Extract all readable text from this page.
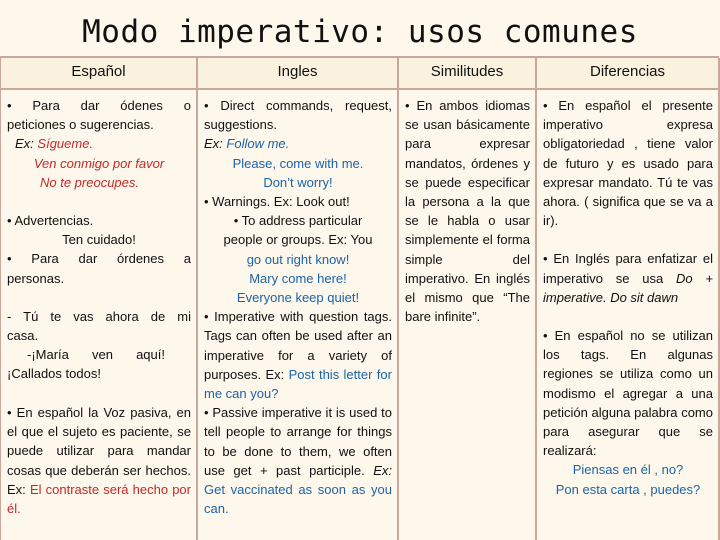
Modo imperativo: usos comunes
Español

• Para dar ódenes o

peticiones o sugerencias.

Ex: Sígueme.

Ven conmigo por favor

No te preocupes.

• Advertencias.

Ten cuidado!

• Para dar órdenes a

personas.

- Tú te vas ahora de mi

casa.

-¡María ven aquí!

¡Callados todos!

• En español la Voz pasiva, en el que el sujeto es paciente, se puede utilizar para mandar cosas que deberán ser hechos. Ex: El contraste será hecho por él.

Ingles

• Direct commands, request, suggestions.

Ex: Follow me.

Please, come with me.

Don’t worry!

• Warnings. Ex: Look out!

• To address particular

people or groups. Ex: You

go out right know!

Mary come here!

Everyone keep quiet!

• Imperative with question tags. Tags can often be used after an imperative for a variety of purposes. Ex: Post this letter for me can you?

• Passive imperative it is used to tell people to arrange for things to be done to them, we often use get + past participle. Ex: Get vaccinated as soon as you can.

Similitudes

• En ambos idiomas se usan básicamente para expresar mandatos, órdenes y se puede especificar la persona a la que se le habla o usar simplemente el forma simple del imperativo. En inglés el mismo que “The bare infinite”.

Diferencias

• En español el presente imperativo expresa obligatoriedad , tiene valor de futuro y es usado para expresar mandato. Tú te vas ahora. ( significa que se va a ir).

• En Inglés para enfatizar el imperativo se usa Do + imperative. Do sit dawn

• En español no se utilizan los tags. En algunas regiones se utiliza como un modismo el agregar a una petición alguna palabra como para asegurar que se realizará:

Piensas en él , no?

Pon esta carta , puedes?
